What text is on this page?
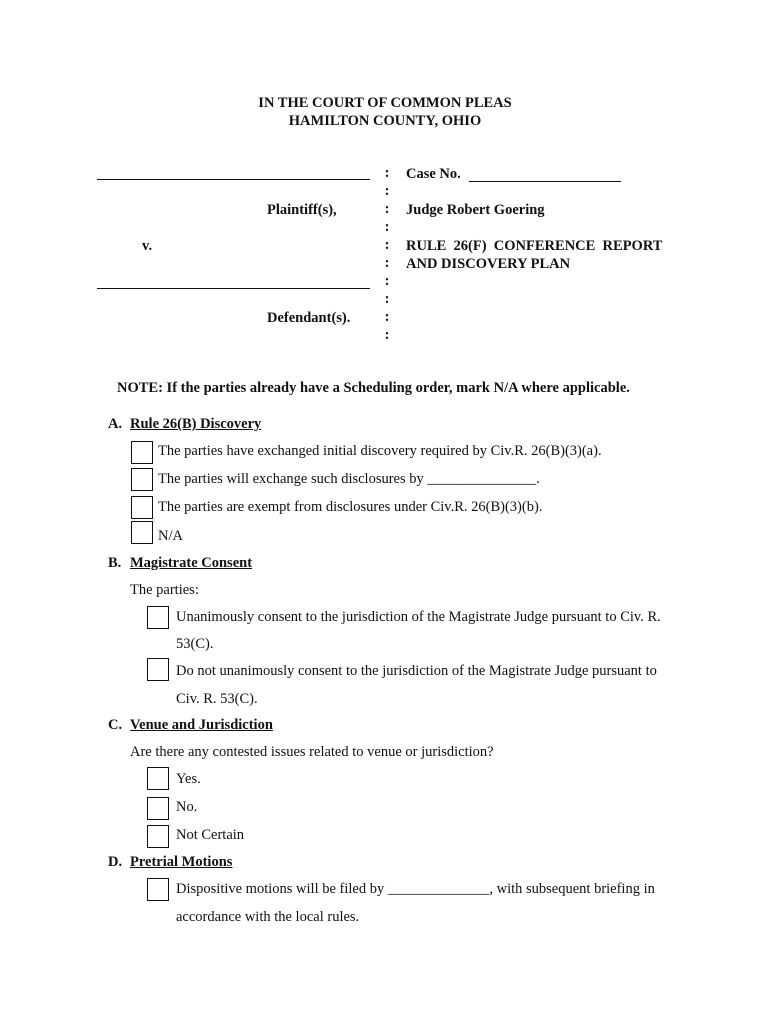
IN THE COURT OF COMMON PLEAS
HAMILTON COUNTY, OHIO
Plaintiff(s),
v.
Defendant(s).
:
:
:
:
:
:
:
:
:
:
Case No.
Judge Robert Goering
RULE  26(F)  CONFERENCE  REPORT
AND DISCOVERY PLAN
NOTE: If the parties already have a Scheduling order, mark N/A where applicable.
A. Rule 26(B) Discovery
The parties have exchanged initial discovery required by Civ.R. 26(B)(3)(a).
The parties will exchange such disclosures by _______________.
The parties are exempt from disclosures under Civ.R. 26(B)(3)(b).
N/A
B. Magistrate Consent
The parties:
Unanimously consent to the jurisdiction of the Magistrate Judge pursuant to Civ. R.
53(C).
Do not unanimously consent to the jurisdiction of the Magistrate Judge pursuant to
Civ. R. 53(C).
C. Venue and Jurisdiction
Are there any contested issues related to venue or jurisdiction?
Yes.
No.
Not Certain
D. Pretrial Motions
Dispositive motions will be filed by ______________, with subsequent briefing in
accordance with the local rules.
